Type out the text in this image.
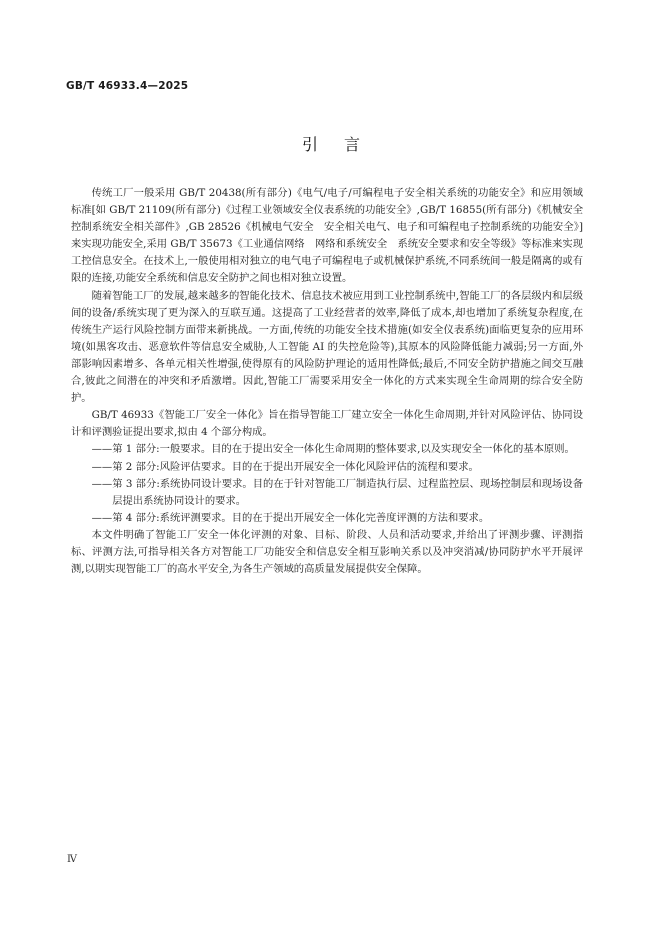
GB/T 46933.4—2025
引言

传统工厂一般采用 GB/T 20438(所有部分)《电气/电子/可编程电子安全相关系统的功能安全》和应用领域标准[如 GB/T 21109(所有部分)《过程工业领域安全仪表系统的功能安全》,GB/T 16855(所有部分)《机械安全　控制系统安全相关部件》,GB 28526《机械电气安全　安全相关电气、电子和可编程电子控制系统的功能安全》]来实现功能安全,采用 GB/T 35673《工业通信网络　网络和系统安全　系统安全要求和安全等级》等标准来实现工控信息安全。在技术上,一般使用相对独立的电气电子可编程电子或机械保护系统,不同系统间一般是隔离的或有限的连接,功能安全系统和信息安全防护之间也相对独立设置。

随着智能工厂的发展,越来越多的智能化技术、信息技术被应用到工业控制系统中,智能工厂的各层级内和层级间的设备/系统实现了更为深入的互联互通。这提高了工业经营者的效率,降低了成本,却也增加了系统复杂程度,在传统生产运行风险控制方面带来新挑战。一方面,传统的功能安全技术措施(如安全仪表系统)面临更复杂的应用环境(如黑客攻击、恶意软件等信息安全威胁,人工智能 AI 的失控危险等),其原本的风险降低能力减弱;另一方面,外部影响因素增多、各单元相关性增强,使得原有的风险防护理论的适用性降低;最后,不同安全防护措施之间交互融合,彼此之间潜在的冲突和矛盾激增。因此,智能工厂需要采用安全一体化的方式来实现全生命周期的综合安全防护。

GB/T 46933《智能工厂安全一体化》旨在指导智能工厂建立安全一体化生命周期,并针对风险评估、协同设计和评测验证提出要求,拟由 4 个部分构成。

——第 1 部分:一般要求。目的在于提出安全一体化生命周期的整体要求,以及实现安全一体化的基本原则。
——第 2 部分:风险评估要求。目的在于提出开展安全一体化风险评估的流程和要求。
——第 3 部分:系统协同设计要求。目的在于针对智能工厂制造执行层、过程监控层、现场控制层和现场设备层提出系统协同设计的要求。
——第 4 部分:系统评测要求。目的在于提出开展安全一体化完善度评测的方法和要求。

本文件明确了智能工厂安全一体化评测的对象、目标、阶段、人员和活动要求,并给出了评测步骤、评测指标、评测方法,可指导相关各方对智能工厂功能安全和信息安全相互影响关系以及冲突消减/协同防护水平开展评测,以期实现智能工厂的高水平安全,为各生产领域的高质量发展提供安全保障。

Ⅳ
